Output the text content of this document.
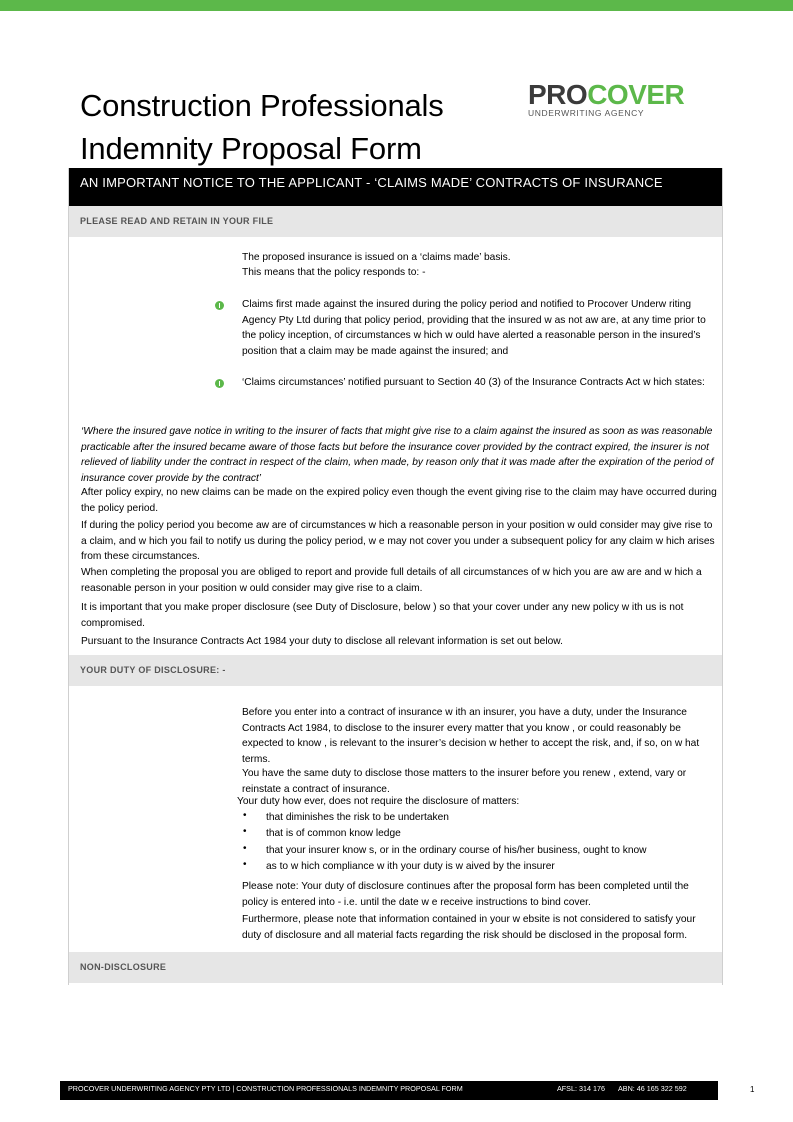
Construction Professionals
Indemnity Proposal Form
PROCOVER
UNDERWRITING AGENCY
AN IMPORTANT NOTICE TO THE APPLICANT - ‘CLAIMS MADE’ CONTRACTS OF INSURANCE
PLEASE READ AND RETAIN IN YOUR FILE

The proposed insurance is issued on a ‘claims made’ basis.

This means that the policy responds to: -

Claims first made against the insured during the policy period and notified to Procover Underw riting Agency Pty Ltd during that policy period, providing that the insured w as not aw are, at any time prior to the policy inception, of circumstances w hich w ould have alerted a reasonable person in the insured’s position that a claim may be made against the insured; and

‘Claims circumstances’ notified pursuant to Section 40 (3) of the Insurance Contracts Act w hich states:

‘Where the insured gave notice in writing to the insurer of facts that might give rise to a claim against the insured as soon as was reasonable practicable after the insured became aware of those facts but before the insurance cover provided by the contract expired, the insurer is not relieved of liability under the contract in respect of the claim, when made, by reason only that it was made after the expiration of the period of insurance cover provide by the contract’

After policy expiry, no new claims can be made on the expired policy even though the event giving rise to the claim may have occurred during the policy period.

If during the policy period you become aw are of circumstances w hich a reasonable person in your position w ould consider may give rise to a claim, and w hich you fail to notify us during the policy period, w e may not cover you under a subsequent policy for any claim w hich arises from these circumstances.

When completing the proposal you are obliged to report and provide full details of all circumstances of w hich you are aw are and w hich a reasonable person in your position w ould consider may give rise to a claim.

It is important that you make proper disclosure (see Duty of Disclosure, below ) so that your cover under any new policy w ith us is not compromised.

Pursuant to the Insurance Contracts Act 1984 your duty to disclose all relevant information is set out below.

YOUR DUTY OF DISCLOSURE: -

Before you enter into a contract of insurance w ith an insurer, you have a duty, under the Insurance Contracts Act 1984, to disclose to the insurer every matter that you know , or could reasonably be expected to know , is relevant to the insurer’s decision w hether to accept the risk, and, if so, on w hat terms.

You have the same duty to disclose those matters to the insurer before you renew , extend, vary or reinstate a contract of insurance.

Your duty how ever, does not require the disclosure of matters:

• that diminishes the risk to be undertaken
• that is of common know ledge
• that your insurer know s, or in the ordinary course of his/her business, ought to know
• as to w hich compliance w ith your duty is w aived by the insurer

Please note: Your duty of disclosure continues after the proposal form has been completed until the policy is entered into - i.e. until the date w e receive instructions to bind cover.

Furthermore, please note that information contained in your w ebsite is not considered to satisfy your duty of disclosure and all material facts regarding the risk should be disclosed in the proposal form.

NON-DISCLOSURE
PROCOVER UNDERWRITING AGENCY PTY LTD | CONSTRUCTION PROFESSIONALS INDEMNITY PROPOSAL FORM	AFSL: 314 176 ABN: 46 165 322 592	1
